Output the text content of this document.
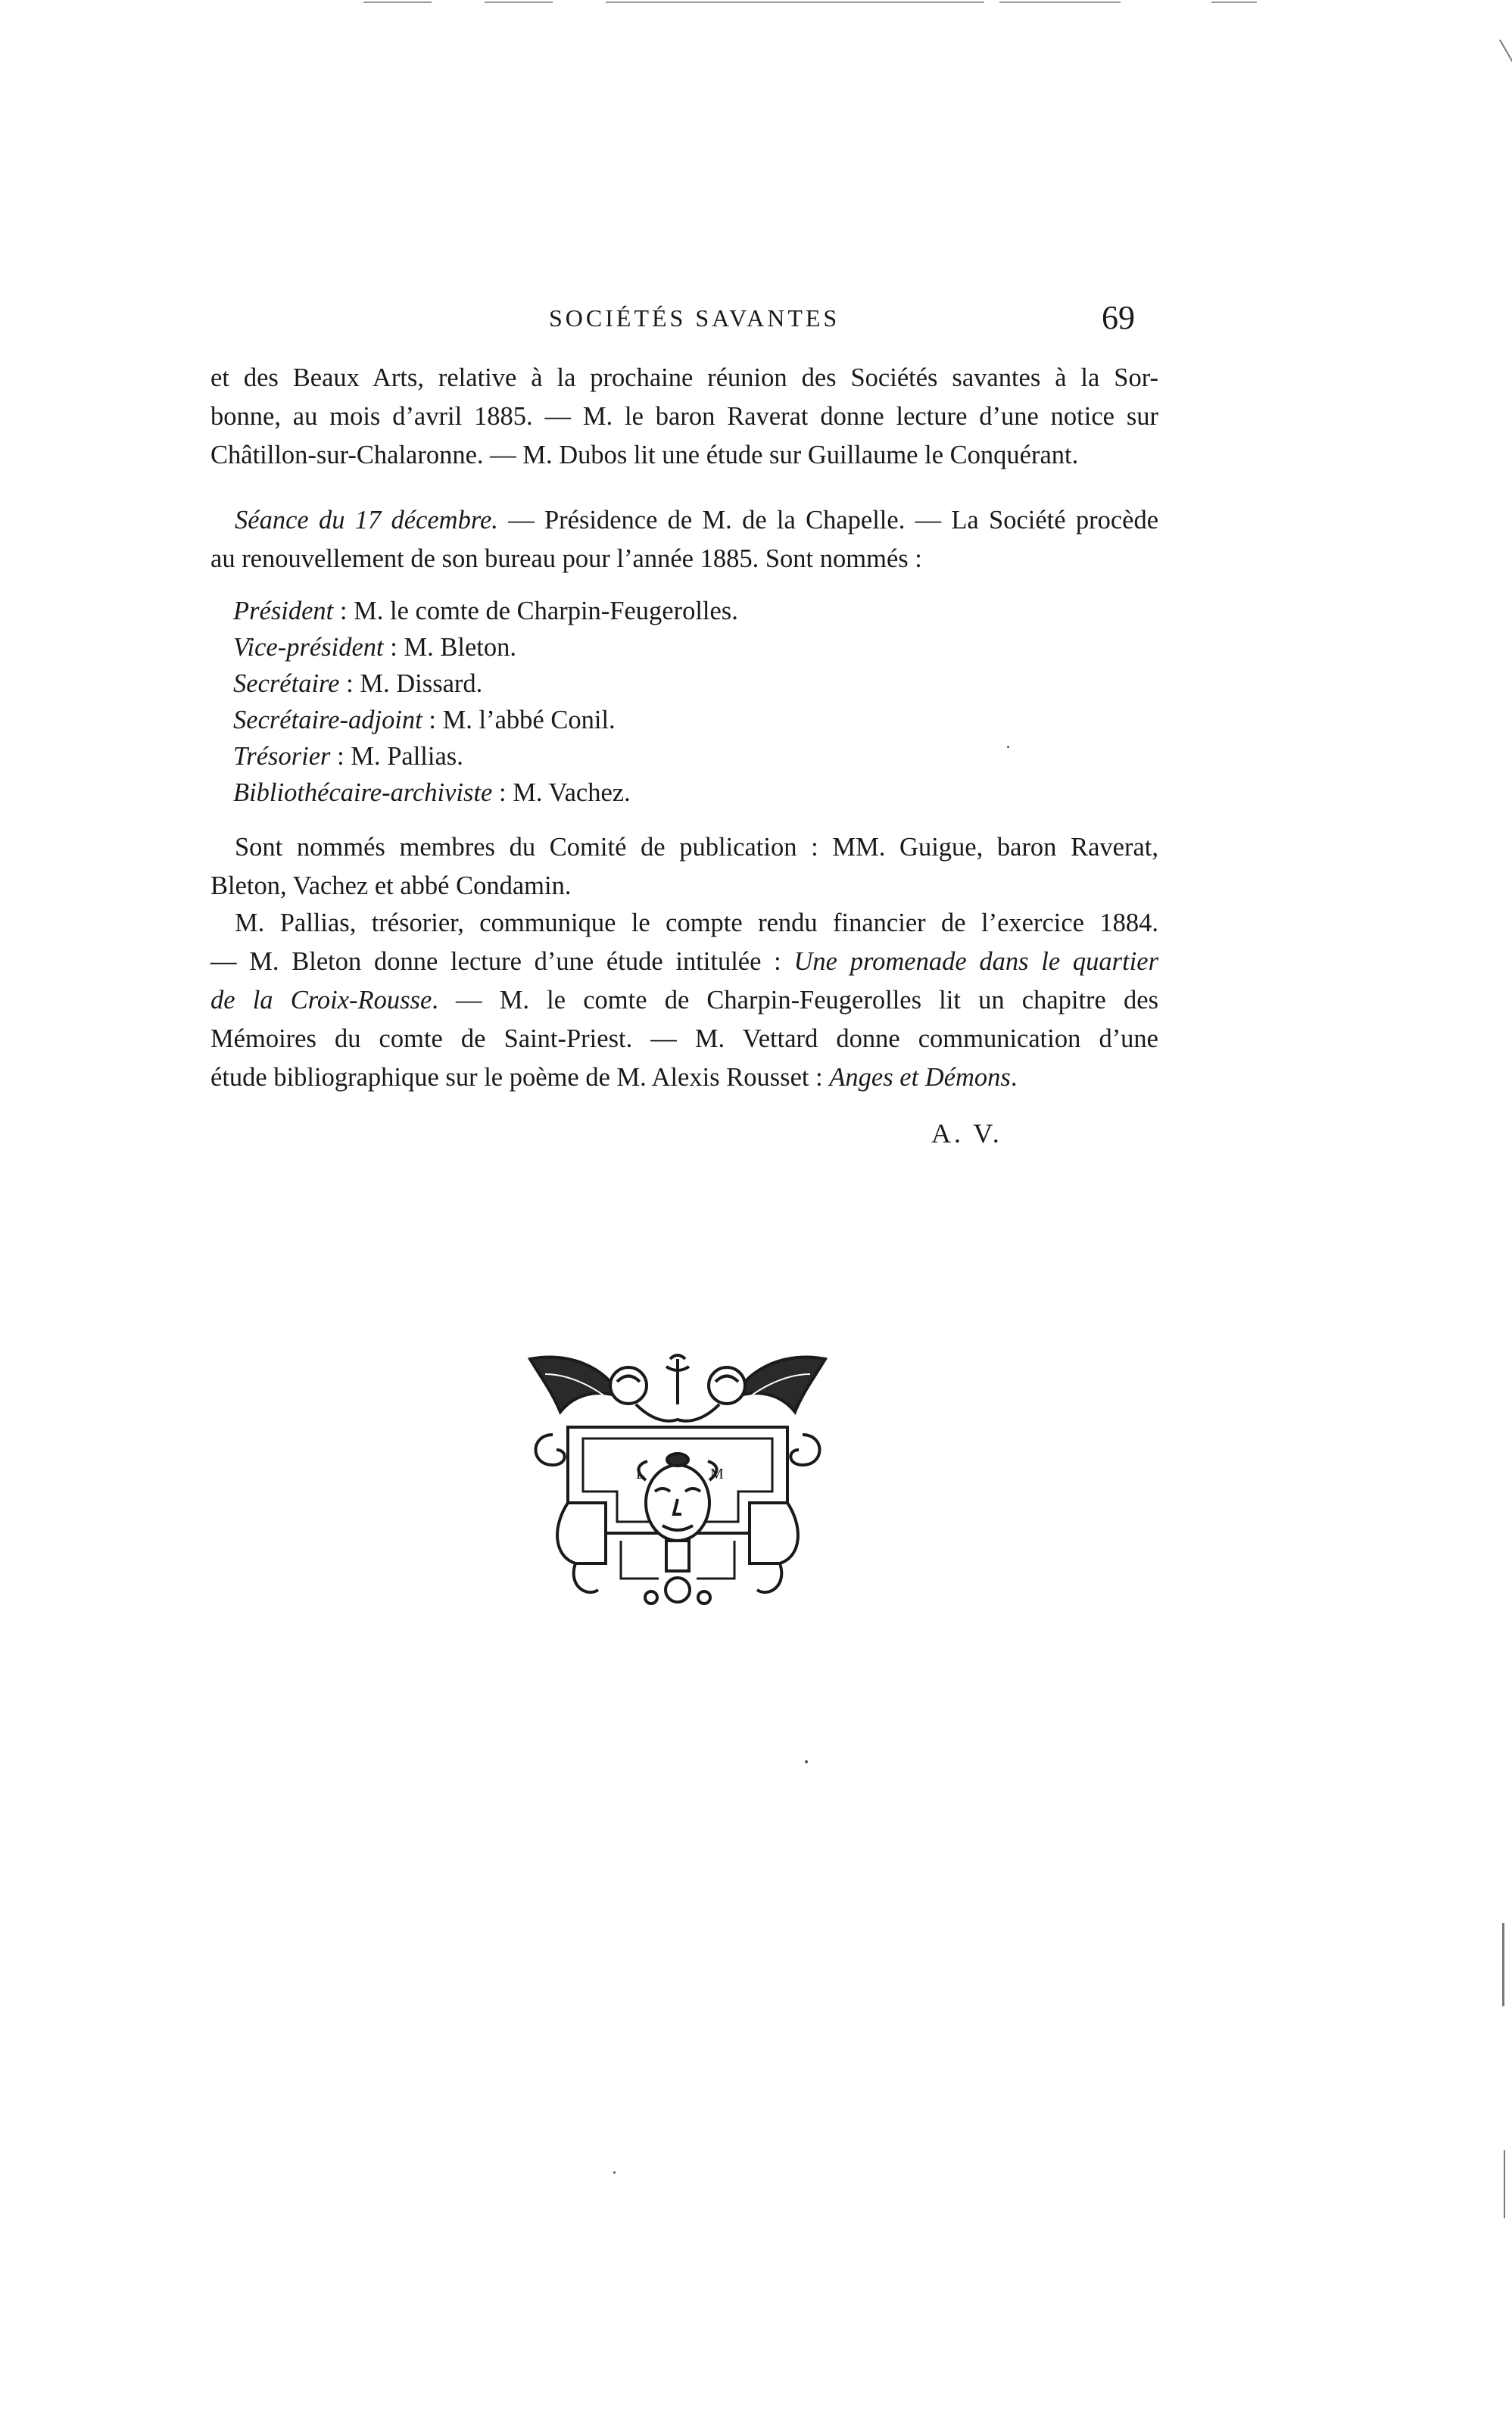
SOCIÉTÉS SAVANTES	69
et des Beaux Arts, relative à la prochaine réunion des Sociétés savantes à la Sor-
bonne, au mois d’avril 1885. — M. le baron Raverat donne lecture d’une notice sur
Châtillon-sur-Chalaronne. — M. Dubos lit une étude sur Guillaume le Conquérant.
Séance du 17 décembre. — Présidence de M. de la Chapelle. — La Société procède
au renouvellement de son bureau pour l’année 1885. Sont nommés :
Président : M. le comte de Charpin-Feugerolles.
Vice-président : M. Bleton.
Secrétaire : M. Dissard.
Secrétaire-adjoint : M. l’abbé Conil.
Trésorier : M. Pallias.
Bibliothécaire-archiviste : M. Vachez.
Sont nommés membres du Comité de publication : MM. Guigue, baron Raverat,
Bleton, Vachez et abbé Condamin.
M. Pallias, trésorier, communique le compte rendu financier de l’exercice 1884.
— M. Bleton donne lecture d’une étude intitulée : Une promenade dans le quartier
de la Croix-Rousse. — M. le comte de Charpin-Feugerolles lit un chapitre des
Mémoires du comte de Saint-Priest. — M. Vettard donne communication d’une
étude bibliographique sur le poème de M. Alexis Rousset : Anges et Démons.
A. V.
L	M
